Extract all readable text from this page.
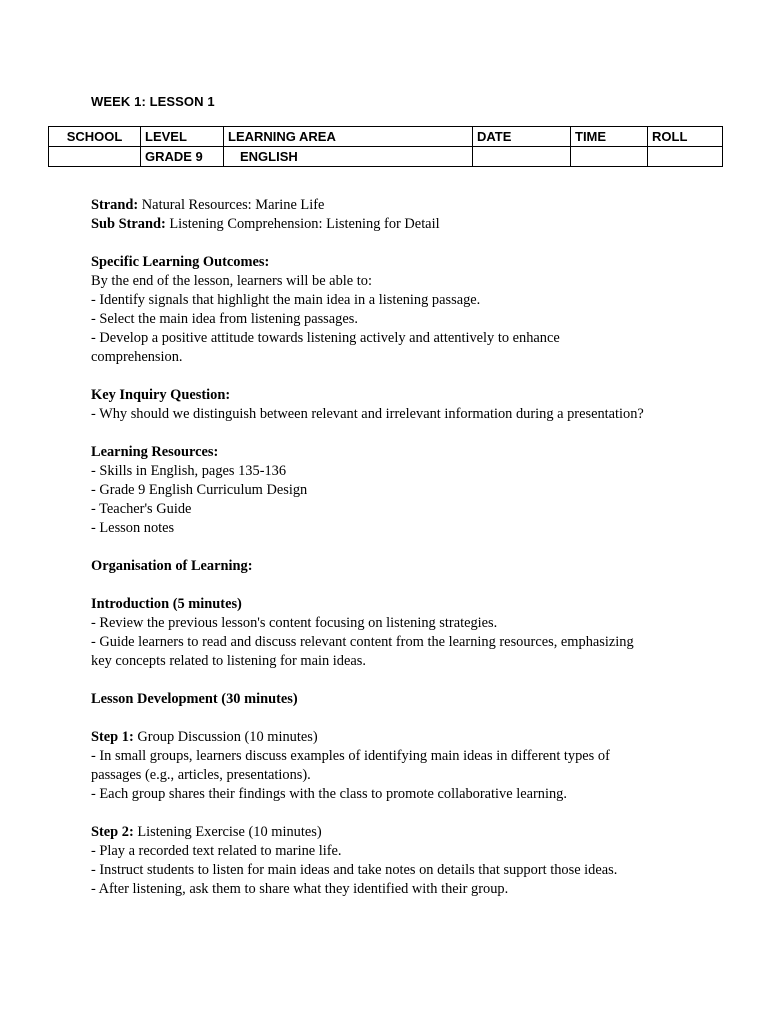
WEEK 1: LESSON 1
SCHOOL	LEVEL	LEARNING AREA	DATE	TIME	ROLL
	GRADE 9	ENGLISH			

Strand: Natural Resources: Marine Life

Sub Strand: Listening Comprehension: Listening for Detail

Specific Learning Outcomes:

By the end of the lesson, learners will be able to:

- Identify signals that highlight the main idea in a listening passage.

- Select the main idea from listening passages.

- Develop a positive attitude towards listening actively and attentively to enhance

comprehension.

Key Inquiry Question:

- Why should we distinguish between relevant and irrelevant information during a presentation?

Learning Resources:

- Skills in English, pages 135-136

- Grade 9 English Curriculum Design

- Teacher's Guide

- Lesson notes

Organisation of Learning:

Introduction (5 minutes)

- Review the previous lesson's content focusing on listening strategies.

- Guide learners to read and discuss relevant content from the learning resources, emphasizing

key concepts related to listening for main ideas.

Lesson Development (30 minutes)

Step 1: Group Discussion (10 minutes)

- In small groups, learners discuss examples of identifying main ideas in different types of

passages (e.g., articles, presentations).

- Each group shares their findings with the class to promote collaborative learning.

Step 2: Listening Exercise (10 minutes)

- Play a recorded text related to marine life.

- Instruct students to listen for main ideas and take notes on details that support those ideas.

- After listening, ask them to share what they identified with their group.
